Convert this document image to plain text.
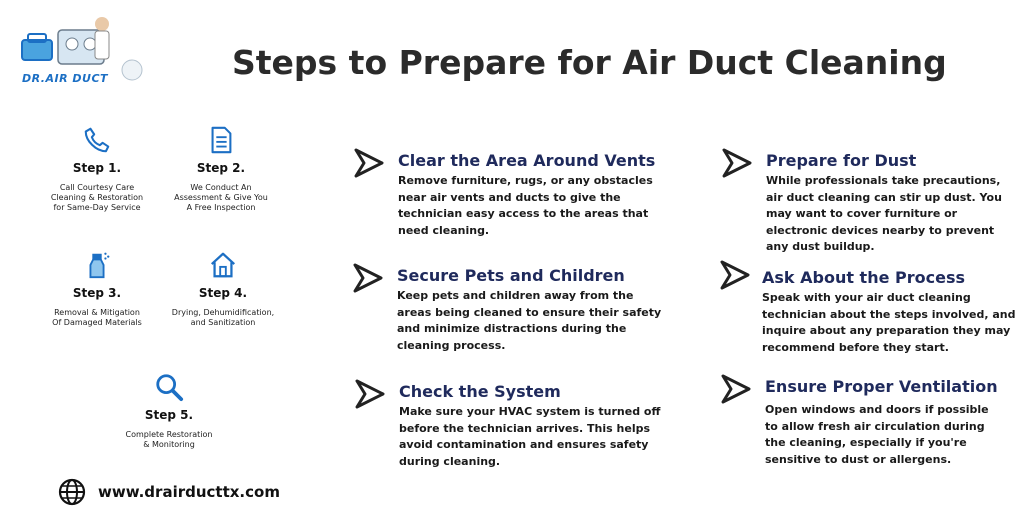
DR.AIR DUCT	Steps to Prepare for Air Duct Cleaning
Step 1.
Call Courtesy Care
Cleaning & Restoration
for Same-Day Service
Step 2.
We Conduct An
Assessment & Give You
A Free Inspection
Step 3.
Removal & Mitigation
Of Damaged Materials
Step 4.
Drying, Dehumidification,
and Sanitization
Step 5.
Complete Restoration
& Monitoring
Clear the Area Around Vents

Remove furniture, rugs, or any obstacles near air vents and ducts to give the technician easy access to the areas that need cleaning.

Secure Pets and Children

Keep pets and children away from the areas being cleaned to ensure their safety and minimize distractions during the cleaning process.

Check the System

Make sure your HVAC system is turned off before the technician arrives. This helps avoid contamination and ensures safety during cleaning.

Prepare for Dust

While professionals take precautions, air duct cleaning can stir up dust. You may want to cover furniture or electronic devices nearby to prevent any dust buildup.

Ask About the Process

Speak with your air duct cleaning technician about the steps involved, and inquire about any preparation they may recommend before they start.

Ensure Proper Ventilation

Open windows and doors if possible to allow fresh air circulation during the cleaning, especially if you're sensitive to dust or allergens.

www.drairducttx.com
